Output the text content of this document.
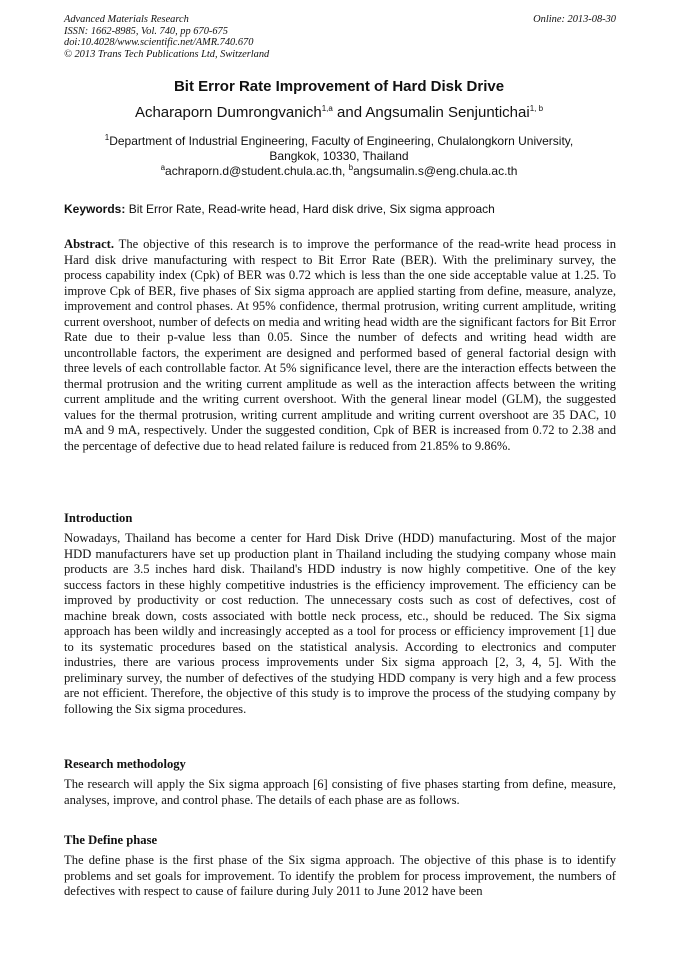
Advanced Materials Research	Online: 2013-08-30
ISSN: 1662-8985, Vol. 740, pp 670-675
doi:10.4028/www.scientific.net/AMR.740.670
© 2013 Trans Tech Publications Ltd, Switzerland
Bit Error Rate Improvement of Hard Disk Drive
Acharaporn Dumrongvanich$^{1,a}$ and Angsumalin Senjuntichai$^{1, b}$
$^1$Department of Industrial Engineering, Faculty of Engineering, Chulalongkorn University,
Bangkok, 10330, Thailand
$^a$achraporn.d@student.chula.ac.th, $^b$angsumalin.s@eng.chula.ac.th
Keywords: Bit Error Rate, Read-write head, Hard disk drive, Six sigma approach
Abstract. The objective of this research is to improve the performance of the read-write head process in Hard disk drive manufacturing with respect to Bit Error Rate (BER). With the preliminary survey, the process capability index (Cpk) of BER was 0.72 which is less than the one side acceptable value at 1.25. To improve Cpk of BER, five phases of Six sigma approach are applied starting from define, measure, analyze, improvement and control phases. At 95% confidence, thermal protrusion, writing current amplitude, writing current overshoot, number of defects on media and writing head width are the significant factors for Bit Error Rate due to their p-value less than 0.05. Since the number of defects and writing head width are uncontrollable factors, the experiment are designed and performed based of general factorial design with three levels of each controllable factor. At 5% significance level, there are the interaction effects between the thermal protrusion and the writing current amplitude as well as the interaction affects between the writing current amplitude and the writing current overshoot. With the general linear model (GLM), the suggested values for the thermal protrusion, writing current amplitude and writing current overshoot are 35 DAC, 10 mA and 9 mA, respectively. Under the suggested condition, Cpk of BER is increased from 0.72 to 2.38 and the percentage of defective due to head related failure is reduced from 21.85% to 9.86%.
Introduction
Nowadays, Thailand has become a center for Hard Disk Drive (HDD) manufacturing. Most of the major HDD manufacturers have set up production plant in Thailand including the studying company whose main products are 3.5 inches hard disk. Thailand's HDD industry is now highly competitive. One of the key success factors in these highly competitive industries is the efficiency improvement. The efficiency can be improved by productivity or cost reduction. The unnecessary costs such as cost of defectives, cost of machine break down, costs associated with bottle neck process, etc., should be reduced. The Six sigma approach has been wildly and increasingly accepted as a tool for process or efficiency improvement [1] due to its systematic procedures based on the statistical analysis. According to electronics and computer industries, there are various process improvements under Six sigma approach [2, 3, 4, 5]. With the preliminary survey, the number of defectives of the studying HDD company is very high and a few process are not efficient. Therefore, the objective of this study is to improve the process of the studying company by following the Six sigma procedures.
Research methodology
The research will apply the Six sigma approach [6] consisting of five phases starting from define, measure, analyses, improve, and control phase. The details of each phase are as follows.
The Define phase
The define phase is the first phase of the Six sigma approach. The objective of this phase is to identify problems and set goals for improvement. To identify the problem for process improvement, the numbers of defectives with respect to cause of failure during July 2011 to June 2012 have been
